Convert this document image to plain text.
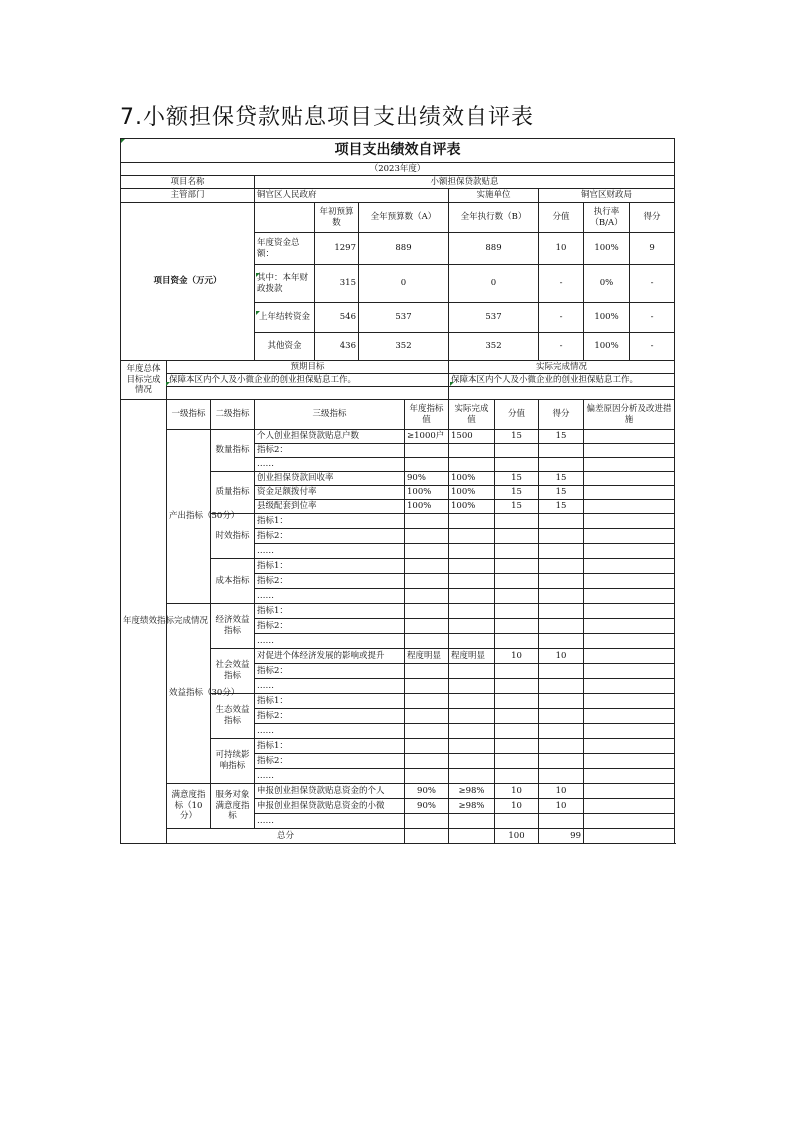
7.小额担保贷款贴息项目支出绩效自评表
项目支出绩效自评表											
（2023年度）											
项目名称			小额担保贷款贴息								
主管部门			铜官区人民政府				实施单位		铜官区财政局		
项目资金（万元）				年初预算数	全年预算数（A）		全年执行数（B）		分值	执行率（B/A）	得分
			年度资金总额：	1297	889		889		10	100%	9
			其中：本年财政拨款	315	0		0		-	0%	-
			上年结转资金	546	537		537		-	100%	-
			其他资金	436	352		352		-	100%	-
年度总体目标完成情况	预期目标						实际完成情况				
	保障本区内个人及小微企业的创业担保贴息工作。						保障本区内个人及小微企业的创业担保贴息工作。				

年度绩效指标完成情况	一级指标	二级指标	三级指标			年度指标值	实际完成值	分值	得分	偏差原因分析及改进措施	
	产出指标（50分）	数量指标	个人创业担保贷款贴息户数			≥1000户	1500	15	15		
			指标2：								
			……								
		质量指标	创业担保贷款回收率			90%	100%	15	15		
			资金足额拨付率			100%	100%	15	15		
			县级配套到位率			100%	100%	15	15		
		时效指标	指标1：								
			指标2：								
			……								
		成本指标	指标1：								
			指标2：								
			……								
	效益指标（30分）	经济效益指标	指标1：								
			指标2：								
			……								
		社会效益指标	对促进个体经济发展的影响或提升			程度明显	程度明显	10	10		
			指标2：								
			……								
		生态效益指标	指标1：								
			指标2：								
			……								
		可持续影响指标	指标1：								
			指标2：								
			……								
	满意度指标（10分）	服务对象满意度指标	申报创业担保贷款贴息资金的个人			90%	≥98%	10	10		
			申报创业担保贷款贴息资金的小微			90%	≥98%	10	10		
			……								
	总分							100	99		
